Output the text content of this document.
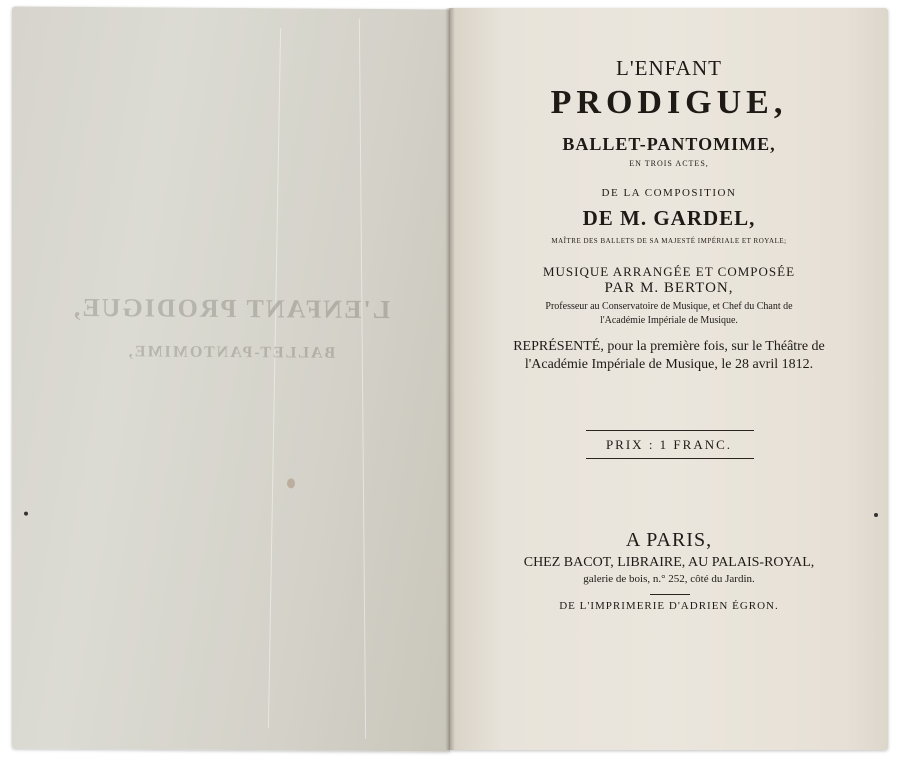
L'ENFANT PRODIGUE,
BALLET-PANTOMIME,
L'ENFANT
PRODIGUE,
BALLET-PANTOMIME,
EN TROIS ACTES,
DE LA COMPOSITION
DE M. GARDEL,
MAÎTRE DES BALLETS DE SA MAJESTÉ IMPÉRIALE ET ROYALE;
MUSIQUE ARRANGÉE ET COMPOSÉE
PAR M. BERTON,
Professeur au Conservatoire de Musique, et Chef du Chant de
l'Académie Impériale de Musique.
REPRÉSENTÉ, pour la première fois, sur le Théâtre de
l'Académie Impériale de Musique, le 28 avril 1812.
PRIX : 1 FRANC.
A PARIS,
CHEZ BACOT, LIBRAIRE, AU PALAIS-ROYAL,
galerie de bois, n.° 252, côté du Jardin.
DE L'IMPRIMERIE D'ADRIEN ÉGRON.
